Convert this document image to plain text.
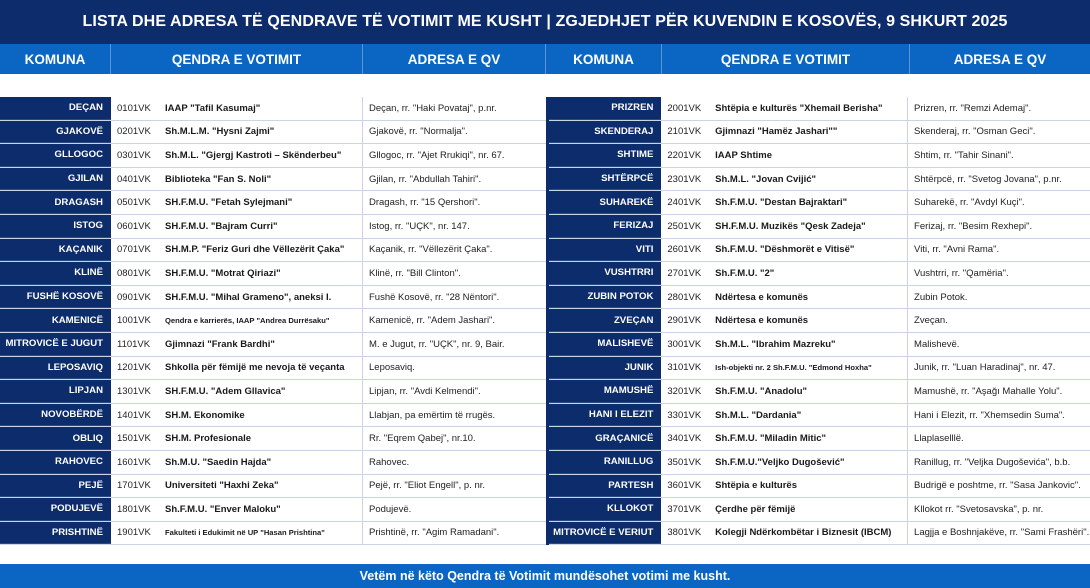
LISTA DHE ADRESA TË QENDRAVE TË VOTIMIT ME KUSHT | ZGJEDHJET PËR KUVENDIN E KOSOVËS, 9 SHKURT 2025
KOMUNA	QENDRA E VOTIMIT	ADRESA E QV	KOMUNA	QENDRA E VOTIMIT	ADRESA E QV
DEÇAN	0101VK	IAAP "Tafil Kasumaj"	Deçan, rr. "Haki Povataj", p.nr.
GJAKOVË	0201VK	Sh.M.L.M. "Hysni Zajmi"	Gjakovë, rr. "Normalja".
GLLOGOC	0301VK	Sh.M.L. "Gjergj Kastroti – Skënderbeu"	Gllogoc, rr. "Ajet Rrukiqi", nr. 67.
GJILAN	0401VK	Biblioteka "Fan S. Noli"	Gjilan, rr. "Abdullah Tahiri".
DRAGASH	0501VK	SH.F.M.U. "Fetah Sylejmani"	Dragash, rr. "15 Qershori".
ISTOG	0601VK	SH.F.M.U. "Bajram Curri"	Istog, rr. "UÇK", nr. 147.
KAÇANIK	0701VK	SH.M.P. "Feriz Guri dhe Vëllezërit Çaka"	Kaçanik, rr. "Vëllezërit Çaka".
KLINË	0801VK	SH.F.M.U. "Motrat Qiriazi"	Klinë, rr. "Bill Clinton".
FUSHË KOSOVË	0901VK	SH.F.M.U. "Mihal Grameno", aneksi I.	Fushë Kosovë, rr. "28 Nëntori".
KAMENICË	1001VK	Qendra e karrierës, IAAP "Andrea Durrësaku"	Kamenicë, rr. "Adem Jashari".
MITROVICË E JUGUT	1101VK	Gjimnazi "Frank Bardhi"	M. e Jugut, rr. "UÇK", nr. 9, Bair.
LEPOSAVIQ	1201VK	Shkolla për fëmijë me nevoja të veçanta	Leposaviq.
LIPJAN	1301VK	SH.F.M.U. "Adem Gllavica"	Lipjan, rr. "Avdi Kelmendi".
NOVOBËRDË	1401VK	SH.M. Ekonomike	Llabjan, pa emërtim të rrugës.
OBLIQ	1501VK	SH.M. Profesionale	Rr. "Eqrem Qabej", nr.10.
RAHOVEC	1601VK	Sh.M.U. "Saedin Hajda"	Rahovec.
PEJË	1701VK	Universiteti "Haxhi Zeka"	Pejë, rr. "Eliot Engell", p. nr.
PODUJEVË	1801VK	Sh.F.M.U. "Enver Maloku"	Podujevë.
PRISHTINË	1901VK	Fakulteti i Edukimit në UP "Hasan Prishtina"	Prishtinë, rr. "Agim Ramadani".
PRIZREN	2001VK	Shtëpia e kulturës "Xhemail Berisha"	Prizren, rr. "Remzi Ademaj".
SKENDERAJ	2101VK	Gjimnazi "Hamëz Jashari""	Skenderaj, rr. "Osman Geci".
SHTIME	2201VK	IAAP Shtime	Shtim, rr. "Tahir Sinani".
SHTËRPCË	2301VK	Sh.M.L. "Jovan Cvijić"	Shtërpcë, rr. "Svetog Jovana", p.nr.
SUHAREKË	2401VK	Sh.F.M.U. "Destan Bajraktari"	Suharekë, rr. "Avdyl Kuçi".
FERIZAJ	2501VK	SH.F.M.U. Muzikës "Qesk Zadeja"	Ferizaj, rr. "Besim Rexhepi".
VITI	2601VK	Sh.F.M.U. "Dëshmorët e Vitisë"	Viti, rr. "Avni Rama".
VUSHTRRI	2701VK	Sh.F.M.U. "2"	Vushtrri, rr. "Qamëria".
ZUBIN POTOK	2801VK	Ndërtesa e komunës	Zubin Potok.
ZVEÇAN	2901VK	Ndërtesa e komunës	Zveçan.
MALISHEVË	3001VK	Sh.M.L. "Ibrahim Mazreku"	Malishevë.
JUNIK	3101VK	Ish-objekti nr. 2 Sh.F.M.U. "Edmond Hoxha"	Junik, rr. "Luan Haradinaj", nr. 47.
MAMUSHË	3201VK	Sh.F.M.U. "Anadolu"	Mamushë, rr. "Aşağı Mahalle Yolu".
HANI I ELEZIT	3301VK	Sh.M.L. "Dardania"	Hani i Elezit, rr. "Xhemsedin Suma".
GRAÇANICË	3401VK	Sh.F.M.U. "Miladin Mitic"	Llaplaselllë.
RANILLUG	3501VK	Sh.F.M.U."Veljko Dugošević"	Ranillug, rr. "Veljka Dugoševića", b.b.
PARTESH	3601VK	Shtëpia e kulturës	Budrigë e poshtme, rr. "Sasa Jankovic".
KLLOKOT	3701VK	Çerdhe për fëmijë	Kllokot rr. "Svetosavska", p. nr.
MITROVICË E VERIUT	3801VK	Kolegji Ndërkombëtar i Biznesit (IBCM)	Lagjja e Boshnjakëve, rr. "Sami Frashëri".
Vetëm në këto Qendra të Votimit mundësohet votimi me kusht.
